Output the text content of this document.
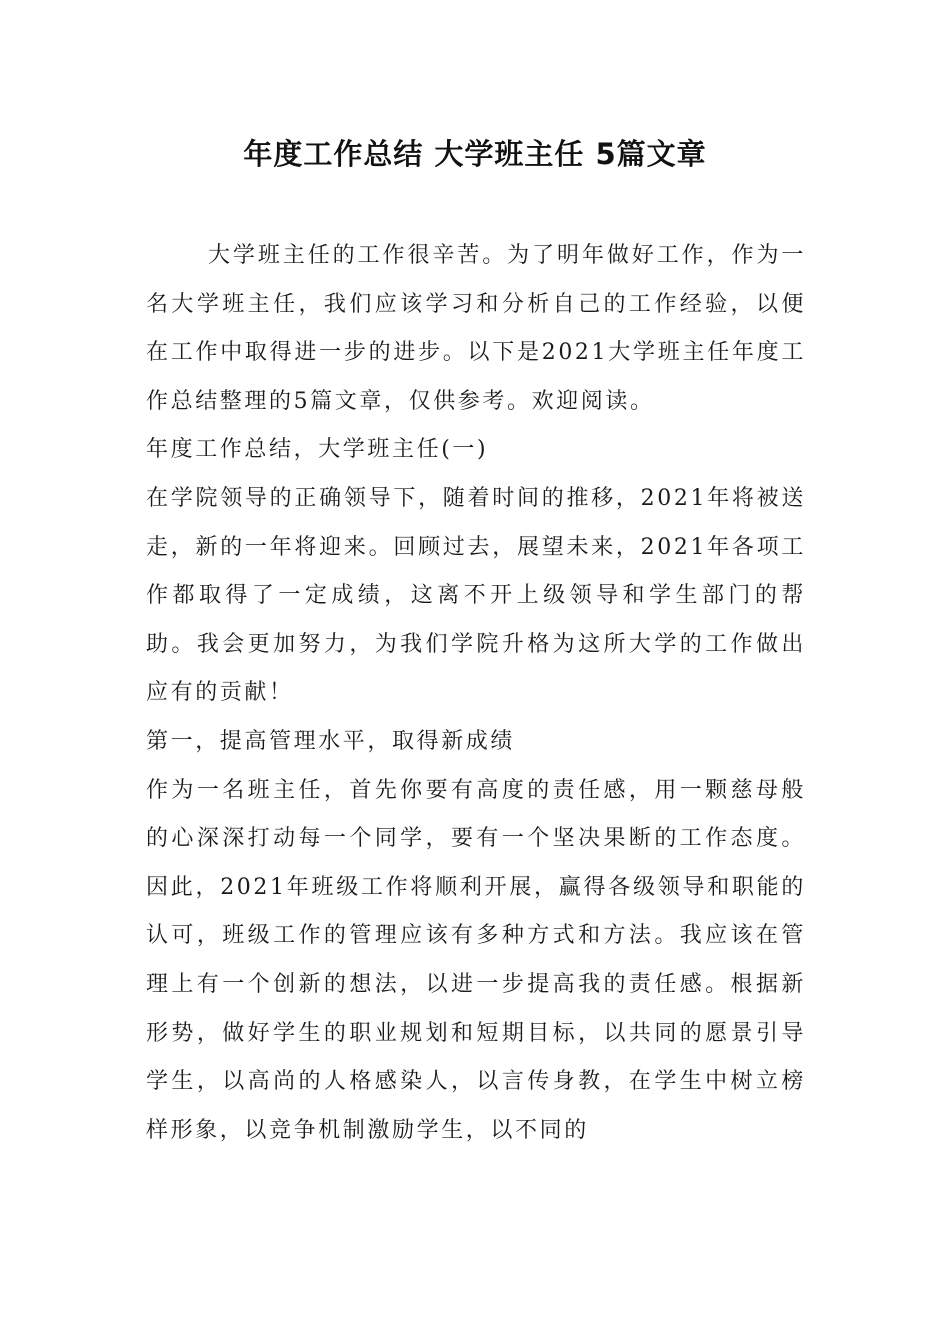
年度工作总结 大学班主任 5篇文章

大学班主任的工作很辛苦。为了明年做好工作，作为一名大学班主任，我们应该学习和分析自己的工作经验，以便在工作中取得进一步的进步。以下是2021大学班主任年度工作总结整理的5篇文章，仅供参考。欢迎阅读。

年度工作总结，大学班主任(一)

在学院领导的正确领导下，随着时间的推移，2021年将被送走，新的一年将迎来。回顾过去，展望未来，2021年各项工作都取得了一定成绩，这离不开上级领导和学生部门的帮助。我会更加努力，为我们学院升格为这所大学的工作做出应有的贡献！

第一，提高管理水平，取得新成绩

作为一名班主任，首先你要有高度的责任感，用一颗慈母般的心深深打动每一个同学，要有一个坚决果断的工作态度。因此，2021年班级工作将顺利开展，赢得各级领导和职能的认可，班级工作的管理应该有多种方式和方法。我应该在管理上有一个创新的想法，以进一步提高我的责任感。根据新形势，做好学生的职业规划和短期目标，以共同的愿景引导学生，以高尚的人格感染人，以言传身教，在学生中树立榜样形象，以竞争机制激励学生，以不同的
